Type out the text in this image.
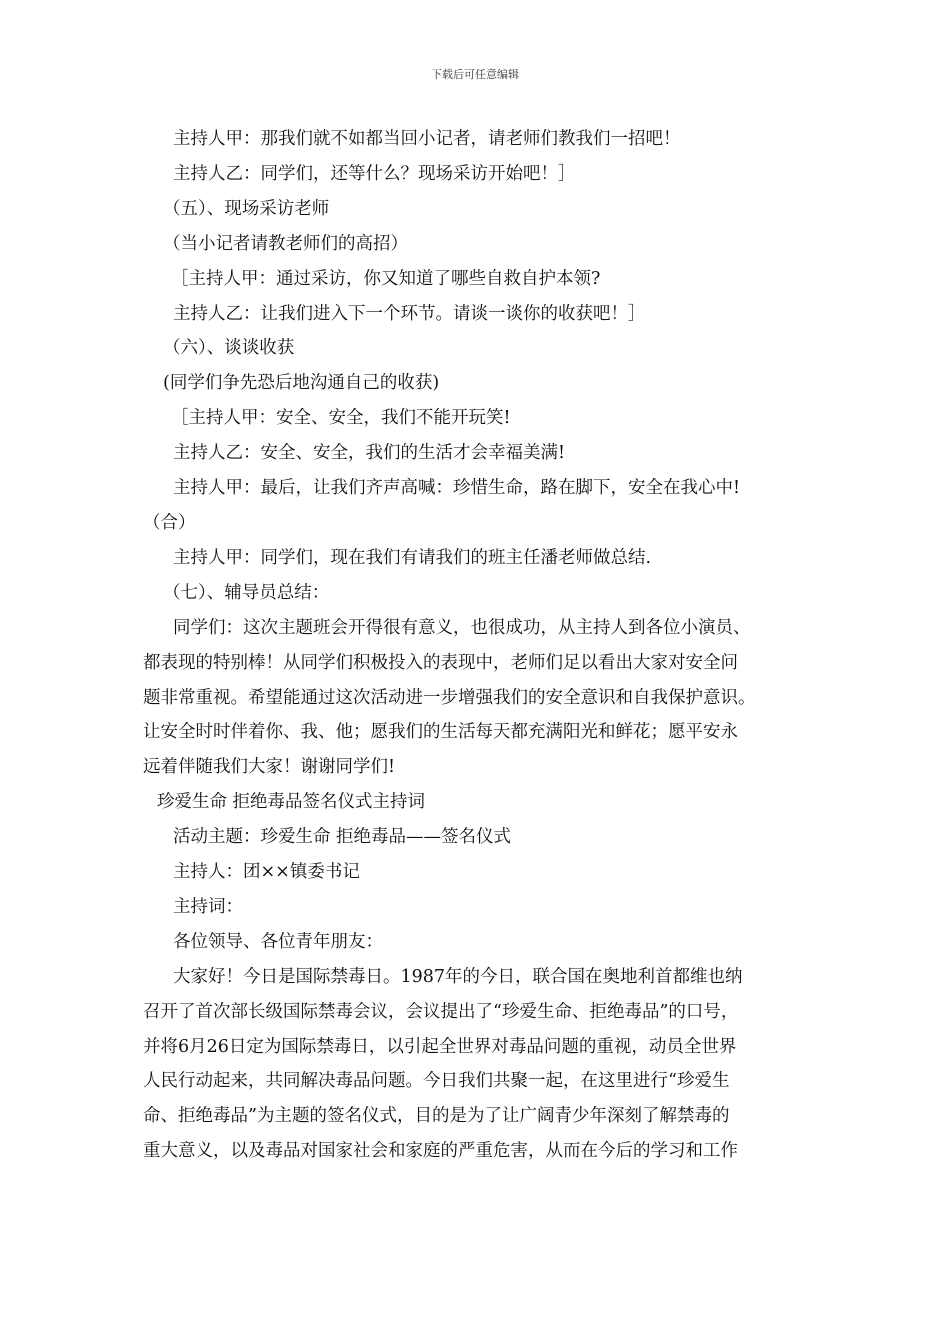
下载后可任意编辑
主持人甲：那我们就不如都当回小记者，请老师们教我们一招吧！
主持人乙：同学们，还等什么？现场采访开始吧！］
（五）、现场采访老师
（当小记者请教老师们的高招）
［主持人甲：通过采访，你又知道了哪些自救自护本领?
主持人乙：让我们进入下一个环节。请谈一谈你的收获吧！］
（六）、谈谈收获
(同学们争先恐后地沟通自己的收获)
［主持人甲：安全、安全，我们不能开玩笑!
主持人乙：安全、安全，我们的生活才会幸福美满!
主持人甲：最后，让我们齐声高喊：珍惜生命，路在脚下，安全在我心中!
（合）
主持人甲：同学们，现在我们有请我们的班主任潘老师做总结.
（七）、辅导员总结：
同学们：这次主题班会开得很有意义，也很成功，从主持人到各位小演员、
都表现的特别棒！从同学们积极投入的表现中，老师们足以看出大家对安全问
题非常重视。希望能通过这次活动进一步增强我们的安全意识和自我保护意识。
让安全时时伴着你、我、他；愿我们的生活每天都充满阳光和鲜花；愿平安永
远着伴随我们大家！谢谢同学们!
珍爱生命 拒绝毒品签名仪式主持词
活动主题：珍爱生命 拒绝毒品——签名仪式
主持人：团××镇委书记
主持词：
各位领导、各位青年朋友：
大家好！今日是国际禁毒日。1987年的今日，联合国在奥地利首都维也纳
召开了首次部长级国际禁毒会议，会议提出了“珍爱生命、拒绝毒品”的口号，
并将6月26日定为国际禁毒日，以引起全世界对毒品问题的重视，动员全世界
人民行动起来，共同解决毒品问题。今日我们共聚一起，在这里进行“珍爱生
命、拒绝毒品”为主题的签名仪式，目的是为了让广阔青少年深刻了解禁毒的
重大意义，以及毒品对国家社会和家庭的严重危害，从而在今后的学习和工作
